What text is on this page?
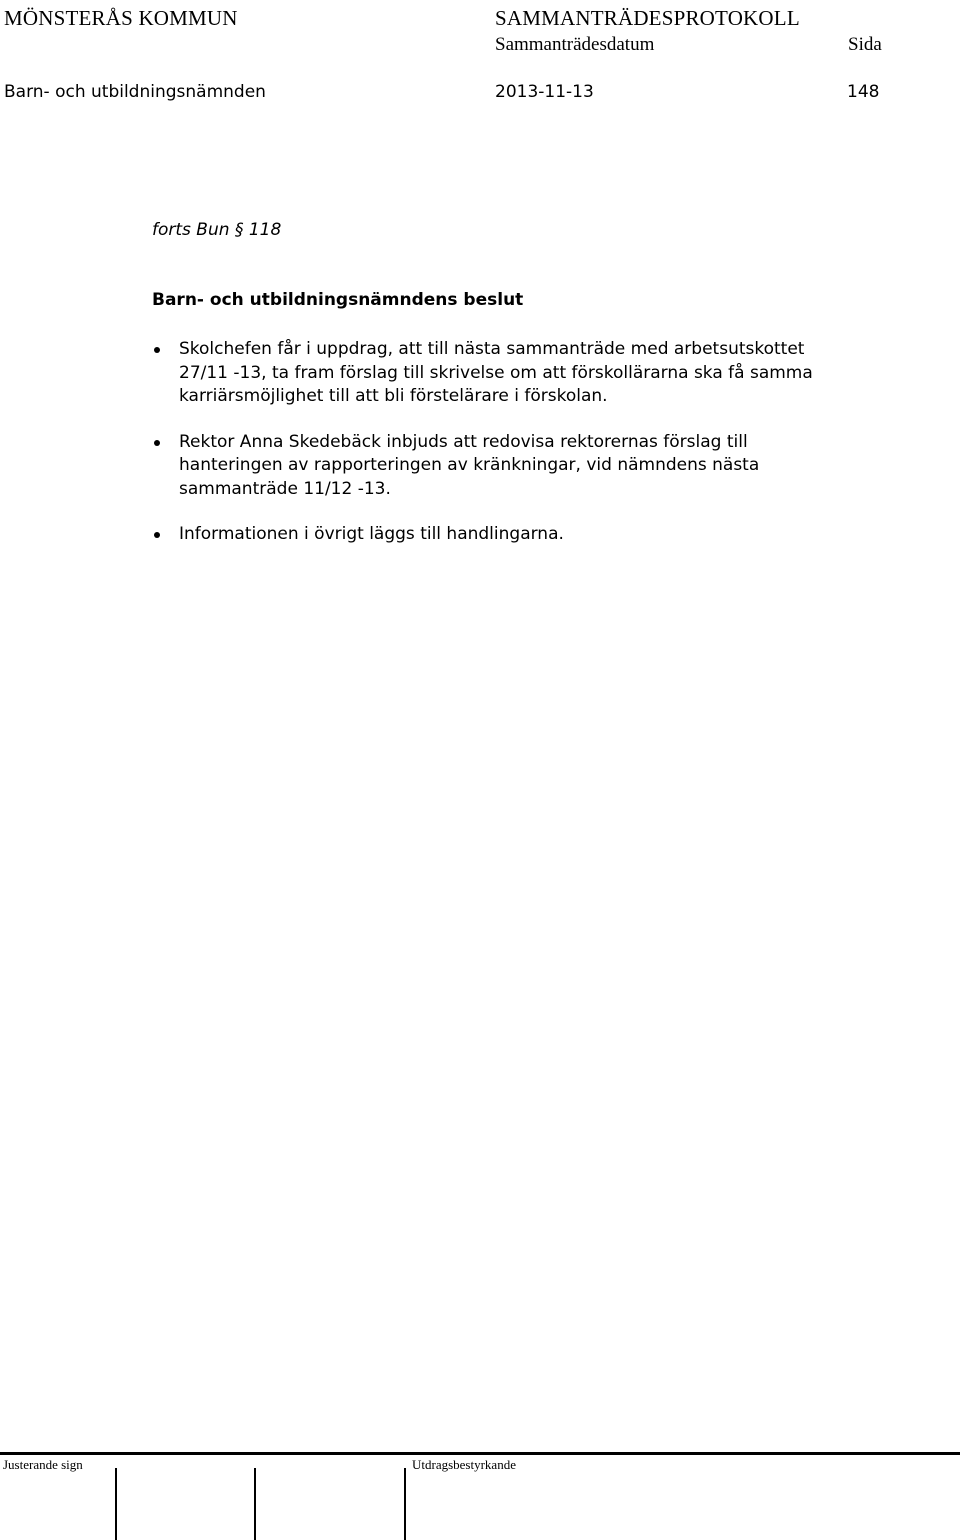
MÖNSTERÅS KOMMUN	SAMMANTRÄDESPROTOKOLL
Sammanträdesdatum	Sida
Barn- och utbildningsnämnden	2013-11-13	148
forts Bun § 118
Barn- och utbildningsnämndens beslut
Skolchefen får i uppdrag, att till nästa sammanträde med arbetsutskottet
27/11 -13, ta fram förslag till skrivelse om att förskollärarna ska få samma
karriärsmöjlighet till att bli förstelärare i förskolan.
Rektor Anna Skedebäck inbjuds att redovisa rektorernas förslag till
hanteringen av rapporteringen av kränkningar, vid nämndens nästa
sammanträde 11/12 -13.
Informationen i övrigt läggs till handlingarna.
Justerande sign	Utdragsbestyrkande
